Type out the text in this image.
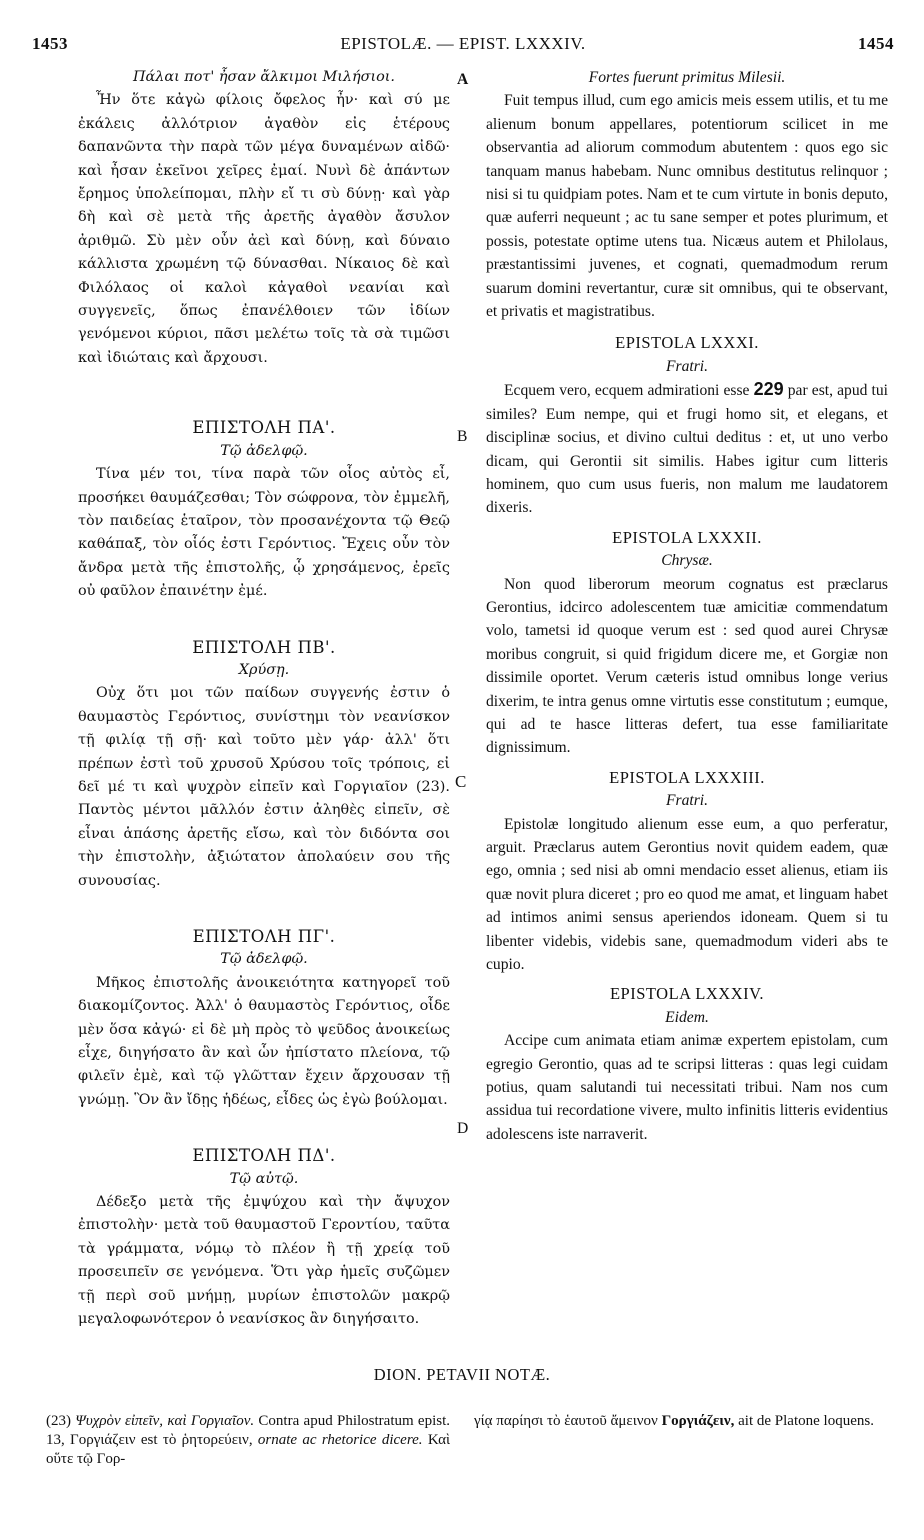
1453	EPISTOLÆ. — EPIST. LXXXIV.	1454
A
B
C
D

Πάλαι ποτ' ἦσαν ἄλκιμοι Μιλήσιοι.

Ἦν ὅτε κἀγὼ φίλοις ὄφελος ἦν· καὶ σύ με ἐκάλεις ἀλλότριον ἀγαθὸν εἰς ἑτέρους δαπανῶντα τὴν παρὰ τῶν μέγα δυναμένων αἰδῶ· καὶ ἦσαν ἐκεῖνοι χεῖρες ἐμαί. Νυνὶ δὲ ἁπάντων ἔρημος ὑπολείπομαι, πλὴν εἴ τι σὺ δύνῃ· καὶ γὰρ δὴ καὶ σὲ μετὰ τῆς ἀρετῆς ἀγαθὸν ἄσυλον ἀριθμῶ. Σὺ μὲν οὖν ἀεὶ καὶ δύνῃ, καὶ δύναιο κάλλιστα χρωμένη τῷ δύνασθαι. Νίκαιος δὲ καὶ Φιλόλαος οἱ καλοὶ κἀγαθοὶ νεανίαι καὶ συγγενεῖς, ὅπως ἐπανέλθοιεν τῶν ἰδίων γενόμενοι κύριοι, πᾶσι μελέτω τοῖς τὰ σὰ τιμῶσι καὶ ἰδιώταις καὶ ἄρχουσι.

ΕΠΙΣΤΟΛΗ ΠΑ'.

Τῷ ἀδελφῷ.

Τίνα μέν τοι, τίνα παρὰ τῶν οἷος αὐτὸς εἶ, προσήκει θαυμάζεσθαι; Τὸν σώφρονα, τὸν ἐμμελῆ, τὸν παιδείας ἑταῖρον, τὸν προσανέχοντα τῷ Θεῷ καθάπαξ, τὸν οἷός ἐστι Γερόντιος. Ἔχεις οὖν τὸν ἄνδρα μετὰ τῆς ἐπιστολῆς, ᾧ χρησάμενος, ἐρεῖς οὐ φαῦλον ἐπαινέτην ἐμέ.

ΕΠΙΣΤΟΛΗ ΠΒ'.

Χρύσῃ.

Οὐχ ὅτι μοι τῶν παίδων συγγενής ἐστιν ὁ θαυμαστὸς Γερόντιος, συνίστημι τὸν νεανίσκον τῇ φιλίᾳ τῇ σῇ· καὶ τοῦτο μὲν γάρ· ἀλλ' ὅτι πρέπων ἐστὶ τοῦ χρυσοῦ Χρύσου τοῖς τρόποις, εἰ δεῖ μέ τι καὶ ψυχρὸν εἰπεῖν καὶ Γοργιαῖον (23). Παντὸς μέντοι μᾶλλόν ἐστιν ἀληθὲς εἰπεῖν, σὲ εἶναι ἁπάσης ἀρετῆς εἴσω, καὶ τὸν διδόντα σοι τὴν ἐπιστολὴν, ἀξιώτατον ἀπολαύειν σου τῆς συνουσίας.

ΕΠΙΣΤΟΛΗ ΠΓ'.

Τῷ ἀδελφῷ.

Μῆκος ἐπιστολῆς ἀνοικειότητα κατηγορεῖ τοῦ διακομίζοντος. Ἀλλ' ὁ θαυμαστὸς Γερόντιος, οἶδε μὲν ὅσα κἀγώ· εἰ δὲ μὴ πρὸς τὸ ψεῦδος ἀνοικείως εἶχε, διηγήσατο ἂν καὶ ὧν ἠπίστατο πλείονα, τῷ φιλεῖν ἐμὲ, καὶ τῷ γλῶτταν ἔχειν ἄρχουσαν τῇ γνώμῃ. Ὃν ἂν ἴδῃς ἡδέως, εἶδες ὡς ἐγὼ βούλομαι.

ΕΠΙΣΤΟΛΗ ΠΔ'.

Τῷ αὐτῷ.

Δέδεξο μετὰ τῆς ἐμψύχου καὶ τὴν ἄψυχον ἐπιστολὴν· μετὰ τοῦ θαυμαστοῦ Γεροντίου, ταῦτα τὰ γράμματα, νόμῳ τὸ πλέον ἢ τῇ χρείᾳ τοῦ προσειπεῖν σε γενόμενα. Ὅτι γὰρ ἡμεῖς συζῶμεν τῇ περὶ σοῦ μνήμῃ, μυρίων ἐπιστολῶν μακρῷ μεγαλοφωνότερον ὁ νεανίσκος ἂν διηγήσαιτο.

Fortes fuerunt primitus Milesii.

Fuit tempus illud, cum ego amicis meis essem utilis, et tu me alienum bonum appellares, potentiorum scilicet in me observantia ad aliorum commodum abutentem : quos ego sic tanquam manus habebam. Nunc omnibus destitutus relinquor ; nisi si tu quidpiam potes. Nam et te cum virtute in bonis deputo, quæ auferri nequeunt ; ac tu sane semper et potes plurimum, et possis, potestate optime utens tua. Nicæus autem et Philolaus, præstantissimi juvenes, et cognati, quemadmodum rerum suarum domini revertantur, curæ sit omnibus, qui te observant, et privatis et magistratibus.

EPISTOLA LXXXI.

Fratri.

Ecquem vero, ecquem admirationi esse 229 par est, apud tui similes? Eum nempe, qui et frugi homo sit, et elegans, et disciplinæ socius, et divino cultui deditus : et, ut uno verbo dicam, qui Gerontii sit similis. Habes igitur cum litteris hominem, quo cum usus fueris, non malum me laudatorem dixeris.

EPISTOLA LXXXII.

Chrysæ.

Non quod liberorum meorum cognatus est præclarus Gerontius, idcirco adolescentem tuæ amicitiæ commendatum volo, tametsi id quoque verum est : sed quod aurei Chrysæ moribus congruit, si quid frigidum dicere me, et Gorgiæ non dissimile oportet. Verum cæteris istud omnibus longe verius dixerim, te intra genus omne virtutis esse constitutum ; eumque, qui ad te hasce litteras defert, tua esse familiaritate dignissimum.

EPISTOLA LXXXIII.

Fratri.

Epistolæ longitudo alienum esse eum, a quo perferatur, arguit. Præclarus autem Gerontius novit quidem eadem, quæ ego, omnia ; sed nisi ab omni mendacio esset alienus, etiam iis quæ novit plura diceret ; pro eo quod me amat, et linguam habet ad intimos animi sensus aperiendos idoneam. Quem si tu libenter videbis, videbis sane, quemadmodum videri abs te cupio.

EPISTOLA LXXXIV.

Eidem.

Accipe cum animata etiam animæ expertem epistolam, cum egregio Gerontio, quas ad te scripsi litteras : quas legi cuidam potius, quam salutandi tui necessitati tribui. Nam nos cum assidua tui recordatione vivere, multo infinitis litteris evidentius adolescens iste narraverit.

DION. PETAVII NOTÆ.
(23) Ψυχρὸν εἰπεῖν, καὶ Γοργιαῖον. Contra apud Philostratum epist. 13, Γοργιάζειν est τὸ ῥητορεύειν, ornate ac rhetorice dicere. Καὶ οὕτε τῷ Γορ-
γίᾳ παρίησι τὸ ἑαυτοῦ ἄμεινον Γοργιάζειν, ait de Platone loquens.
